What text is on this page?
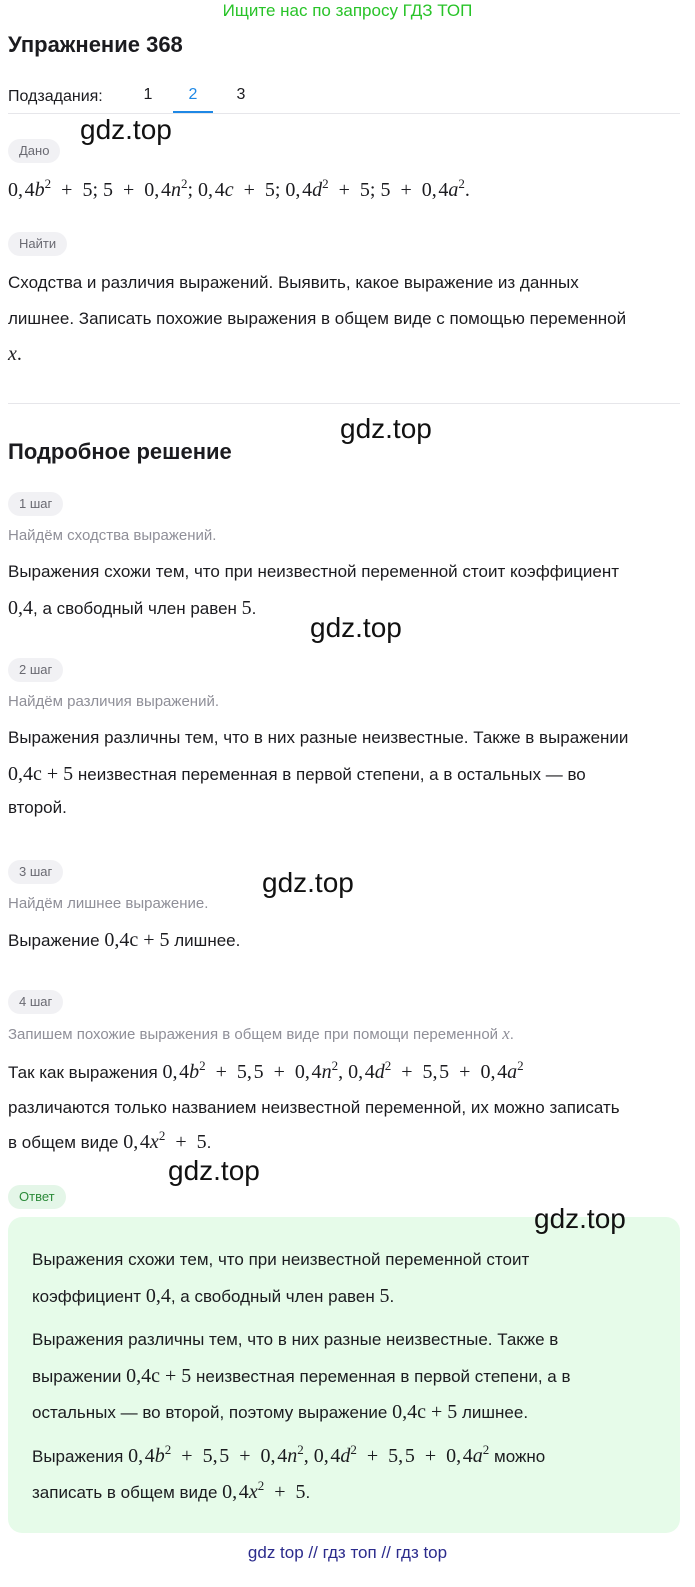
Ищите нас по запросу ГДЗ ТОП
Упражнение 368
Подзадания:	1	2	3
Дано
0, $4b^2 + 5$; 5  +  0, $4n^2$; 0, 4c  +  5; 0, $4d^2 + 5$; 5  +  0, $4a^2$.
Найти
Сходства и различия выражений. Выявить, какое выражение из данных
лишнее. Записать похожие выражения в общем виде с помощью переменной
x.
Подробное решение
1 шаг
Найдём сходства выражений.
Выражения схожи тем, что при неизвестной переменной стоит коэффициент
0,4, а свободный член равен 5.
2 шаг
Найдём различия выражений.
Выражения различны тем, что в них разные неизвестные. Также в выражении
0,4c + 5 неизвестная переменная в первой степени, а в остальных — во
второй.
3 шаг
Найдём лишнее выражение.
Выражение 0,4c + 5 лишнее.
4 шаг
Запишем похожие выражения в общем виде при помощи переменной x.
Так как выражения 0, $4b^2 + 5$, 5  +  0, $4n^2$, 0, $4d^2 + 5$, 5  +  0, $4a^2$
различаются только названием неизвестной переменной, их можно записать
в общем виде 0, $4x^2 + 5$.
Ответ
Выражения схожи тем, что при неизвестной переменной стоит
коэффициент 0,4, а свободный член равен 5.
Выражения различны тем, что в них разные неизвестные. Также в
выражении 0,4c + 5 неизвестная переменная в первой степени, а в
остальных — во второй, поэтому выражение 0,4c + 5 лишнее.
Выражения 0, $4b^2 + 5$, 5  +  0, $4n^2$, 0, $4d^2 + 5$, 5  +  0, $4a^2$ можно
записать в общем виде 0, $4x^2 + 5$.
gdz.top
gdz.top
gdz.top
gdz.top
gdz.top
gdz.top
gdz top // гдз топ // гдз top
